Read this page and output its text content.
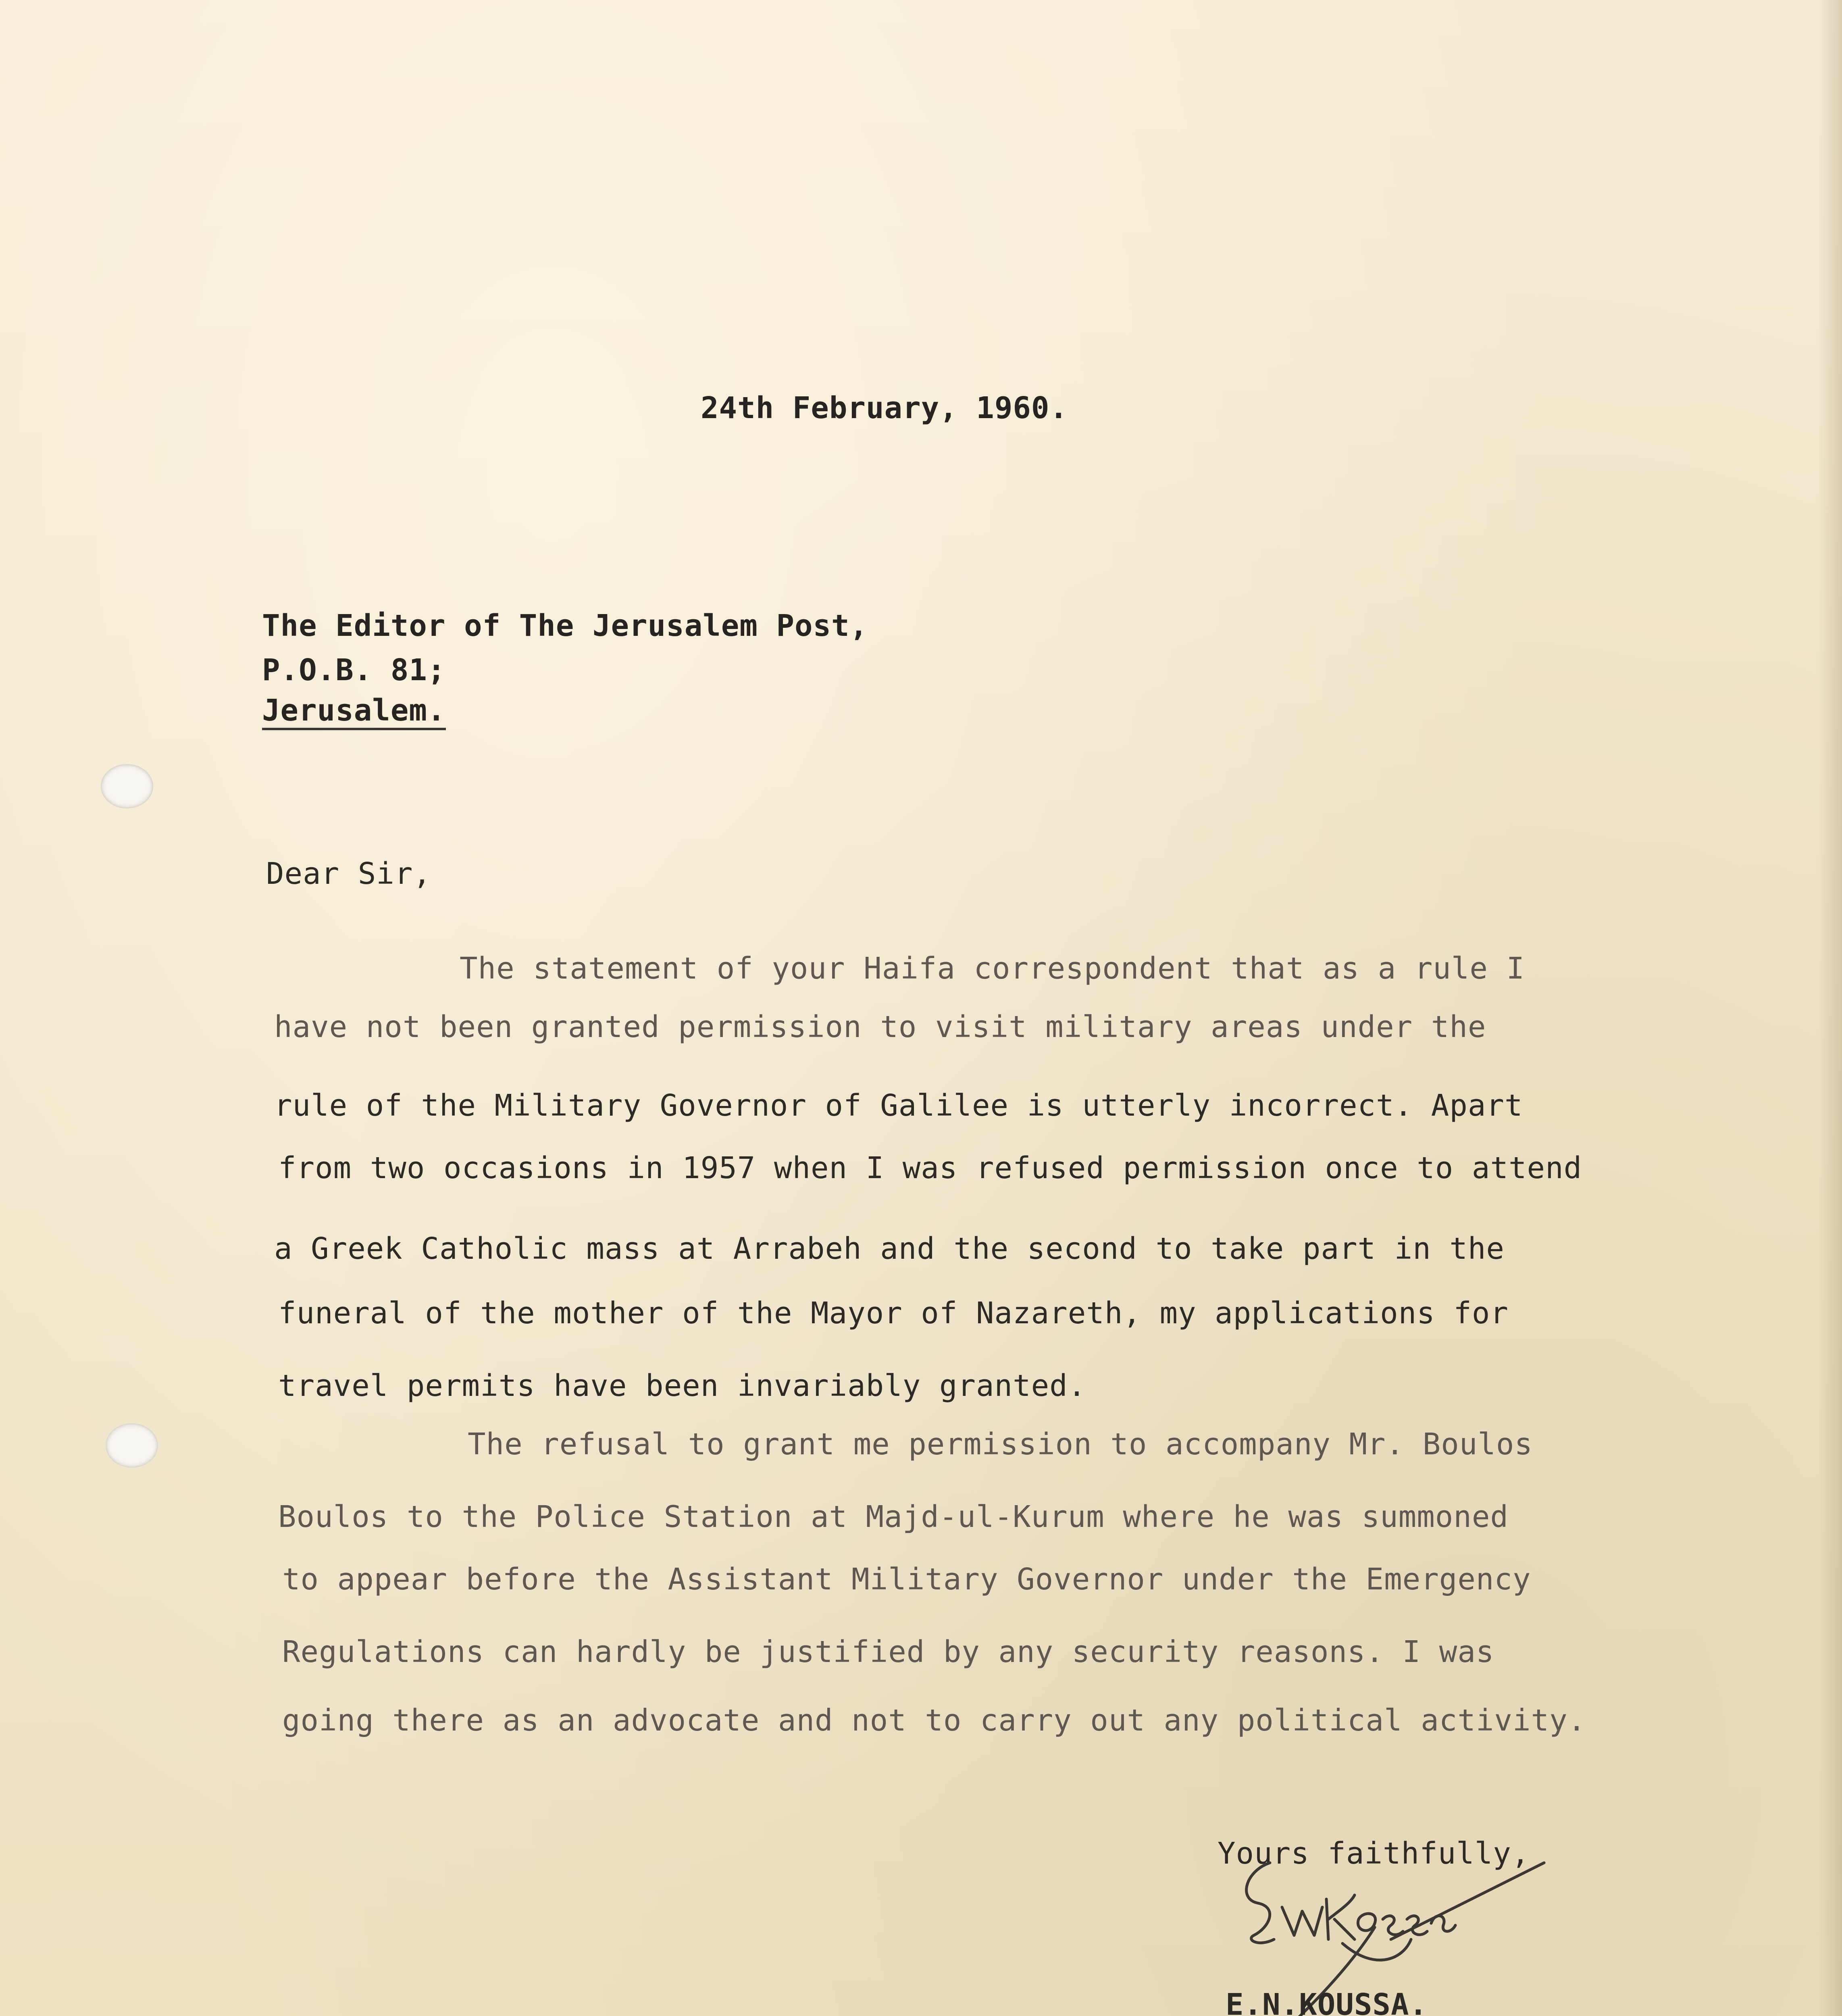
24th February, 1960.
The Editor of The Jerusalem Post,
P.O.B. 81;
Jerusalem.
Dear Sir,
The statement of your Haifa correspondent that as a rule I
have not been granted permission to visit military areas under the
rule of the Military Governor of Galilee is utterly incorrect. Apart
from two occasions in 1957 when I was refused permission once to attend
a Greek Catholic mass at Arrabeh and the second to take part in the
funeral of the mother of the Mayor of Nazareth, my applications for
travel permits have been invariably granted.
The refusal to grant me permission to accompany Mr. Boulos
Boulos to the Police Station at Majd-ul-Kurum where he was summoned
to appear before the Assistant Military Governor under the Emergency
Regulations can hardly be justified by any security reasons. I was
going there as an advocate and not to carry out any political activity.
Yours faithfully,
E.N.KOUSSA.
